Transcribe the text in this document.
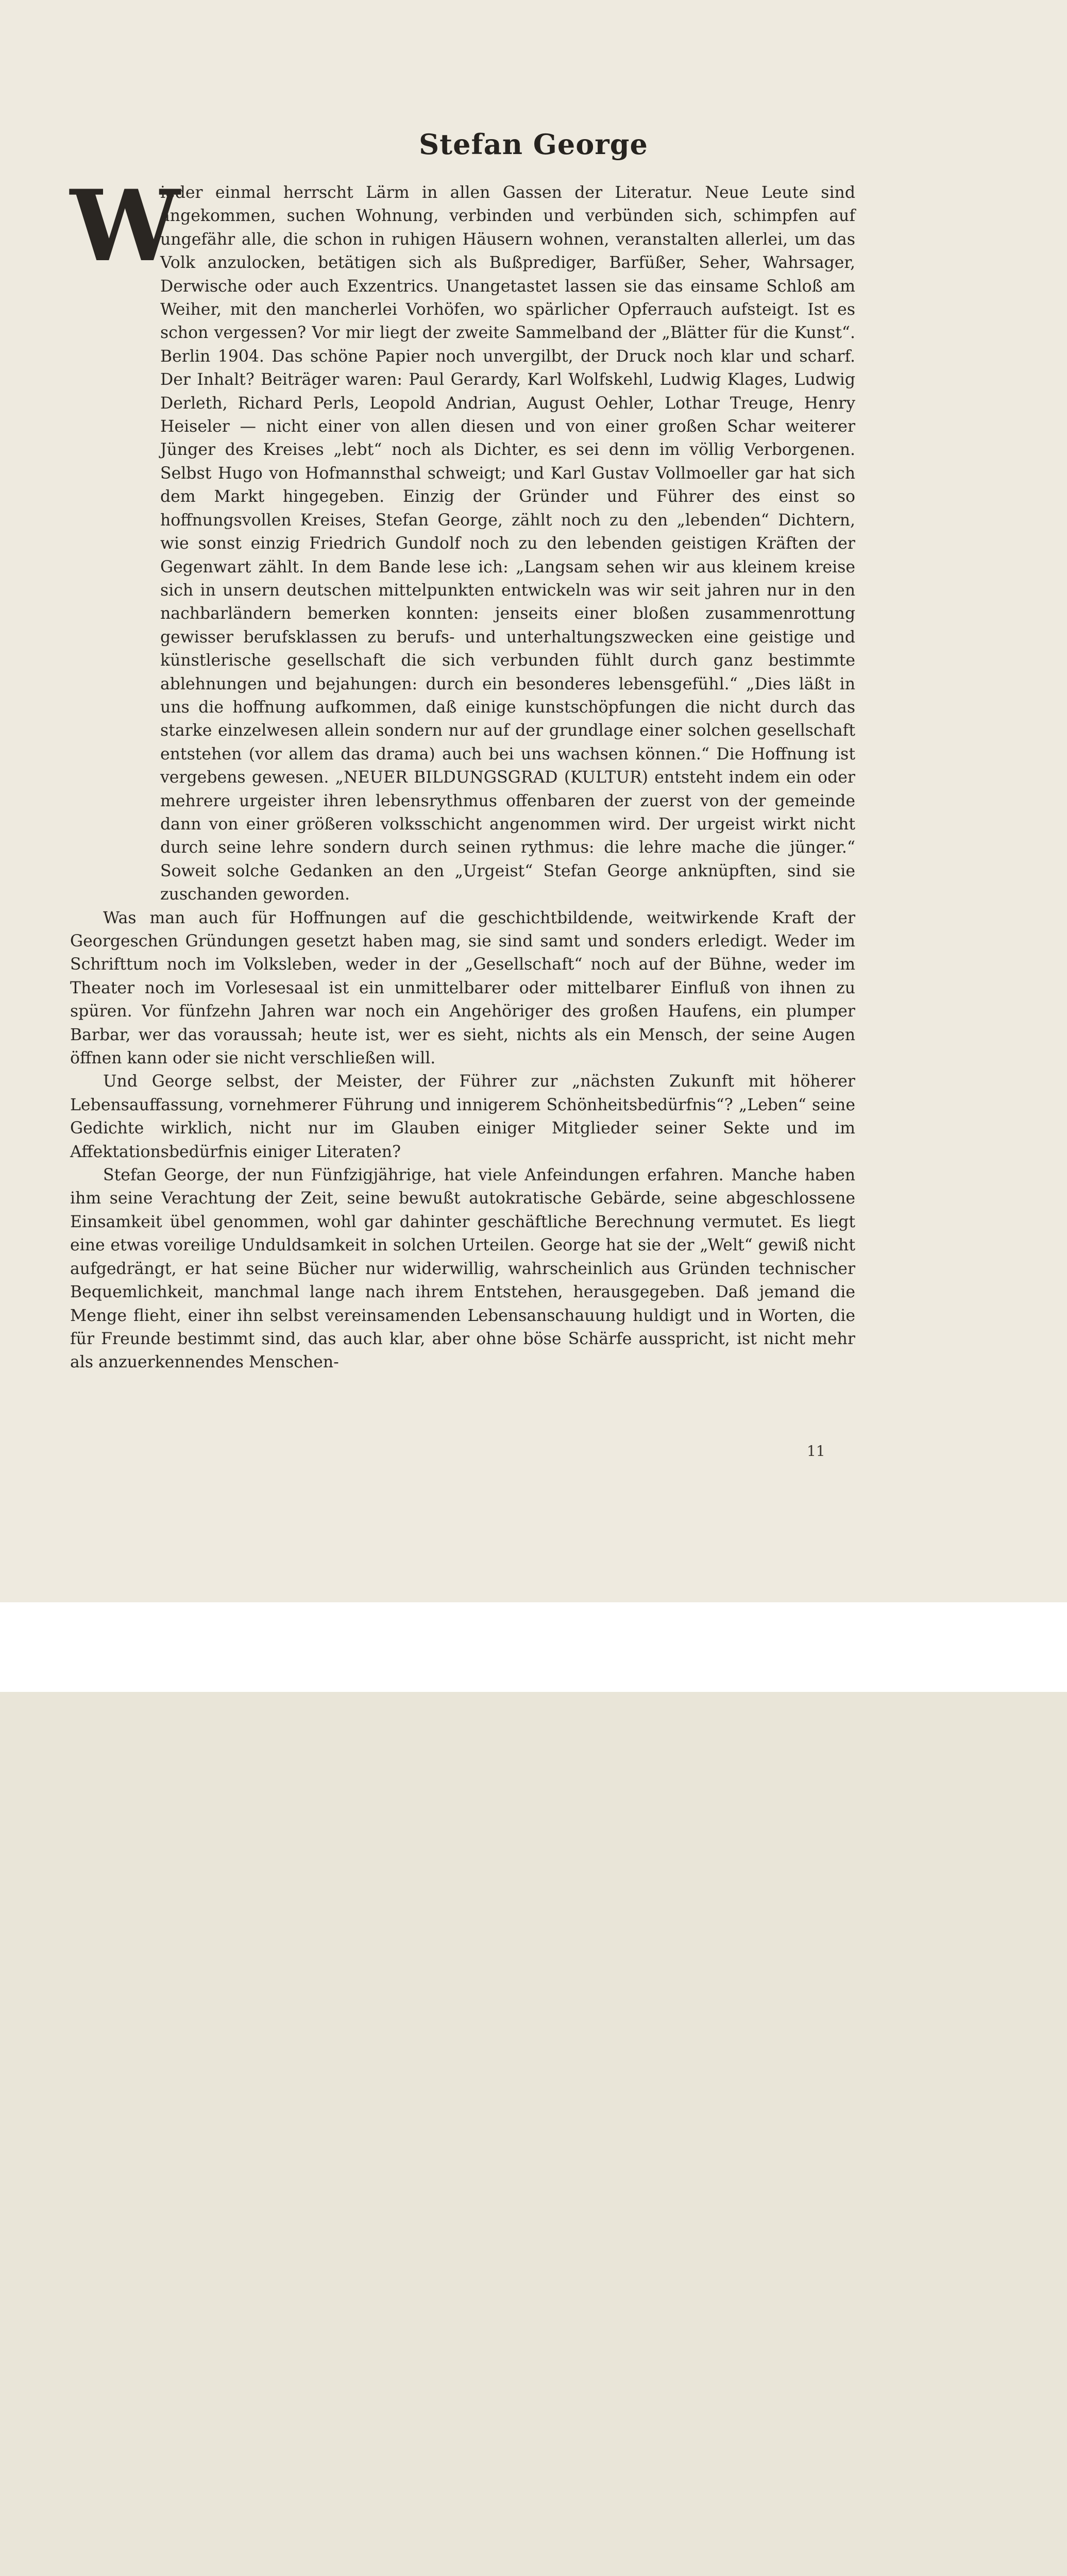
Stefan George
W

ieder einmal herrscht Lärm in allen Gassen der Literatur. Neue Leute sind angekommen, suchen Wohnung, verbinden und verbünden sich, schimpfen auf ungefähr alle, die schon in ruhigen Häusern wohnen, veranstalten allerlei, um das Volk anzulocken, betätigen sich als Bußprediger, Barfüßer, Seher, Wahrsager, Derwische oder auch Exzentrics. Unangetastet lassen sie das einsame Schloß am Weiher, mit den mancherlei Vorhöfen, wo spärlicher Opferrauch aufsteigt. Ist es schon vergessen? Vor mir liegt der zweite Sammelband der „Blätter für die Kunst“. Berlin 1904. Das schöne Papier noch unvergilbt, der Druck noch klar und scharf. Der Inhalt? Beiträger waren: Paul Gerardy, Karl Wolfskehl, Ludwig Klages, Ludwig Derleth, Richard Perls, Leopold Andrian, August Oehler, Lothar Treuge, Henry Heiseler — nicht einer von allen diesen und von einer großen Schar weiterer Jünger des Kreises „lebt“ noch als Dichter, es sei denn im völlig Verborgenen. Selbst Hugo von Hofmannsthal schweigt; und Karl Gustav Vollmoeller gar hat sich dem Markt hingegeben. Einzig der Gründer und Führer des einst so hoffnungsvollen Kreises, Stefan George, zählt noch zu den „lebenden“ Dichtern, wie sonst einzig Friedrich Gundolf noch zu den lebenden geistigen Kräften der Gegenwart zählt. In dem Bande lese ich: „Langsam sehen wir aus kleinem kreise sich in unsern deutschen mittelpunkten entwickeln was wir seit jahren nur in den nachbarländern bemerken konnten: jenseits einer bloßen zusammenrottung gewisser berufsklassen zu berufs- und unterhaltungszwecken eine geistige und künstlerische gesellschaft die sich verbunden fühlt durch ganz bestimmte ablehnungen und bejahungen: durch ein besonderes lebensgefühl.“ „Dies läßt in uns die hoffnung aufkommen, daß einige kunstschöpfungen die nicht durch das starke einzelwesen allein sondern nur auf der grundlage einer solchen gesellschaft entstehen (vor allem das drama) auch bei uns wachsen können.“ Die Hoffnung ist vergebens gewesen. „NEUER BILDUNGSGRAD (KULTUR) entsteht indem ein oder mehrere urgeister ihren lebensrythmus offenbaren der zuerst von der gemeinde dann von einer größeren volksschicht angenommen wird. Der urgeist wirkt nicht durch seine lehre sondern durch seinen rythmus: die lehre mache die jünger.“ Soweit solche Gedanken an den „Urgeist“ Stefan George anknüpften, sind sie zuschanden geworden.

Was man auch für Hoffnungen auf die geschichtbildende, weitwirkende Kraft der Georgeschen Gründungen gesetzt haben mag, sie sind samt und sonders erledigt. Weder im Schrifttum noch im Volksleben, weder in der „Gesellschaft“ noch auf der Bühne, weder im Theater noch im Vorlesesaal ist ein unmittelbarer oder mittelbarer Einfluß von ihnen zu spüren. Vor fünfzehn Jahren war noch ein Angehöriger des großen Haufens, ein plumper Barbar, wer das voraussah; heute ist, wer es sieht, nichts als ein Mensch, der seine Augen öffnen kann oder sie nicht verschließen will.

Und George selbst, der Meister, der Führer zur „nächsten Zukunft mit höherer Lebensauffassung, vornehmerer Führung und innigerem Schönheitsbedürfnis“? „Leben“ seine Gedichte wirklich, nicht nur im Glauben einiger Mitglieder seiner Sekte und im Affektationsbedürfnis einiger Literaten?

Stefan George, der nun Fünfzigjährige, hat viele Anfeindungen erfahren. Manche haben ihm seine Verachtung der Zeit, seine bewußt autokratische Gebärde, seine abgeschlossene Einsamkeit übel genommen, wohl gar dahinter geschäftliche Berechnung vermutet. Es liegt eine etwas voreilige Unduldsamkeit in solchen Urteilen. George hat sie der „Welt“ gewiß nicht aufgedrängt, er hat seine Bücher nur widerwillig, wahrscheinlich aus Gründen technischer Bequemlichkeit, manchmal lange nach ihrem Entstehen, herausgegeben. Daß jemand die Menge flieht, einer ihn selbst vereinsamenden Lebensanschauung huldigt und in Worten, die für Freunde bestimmt sind, das auch klar, aber ohne böse Schärfe ausspricht, ist nicht mehr als anzuerkennendes Menschen-

11
